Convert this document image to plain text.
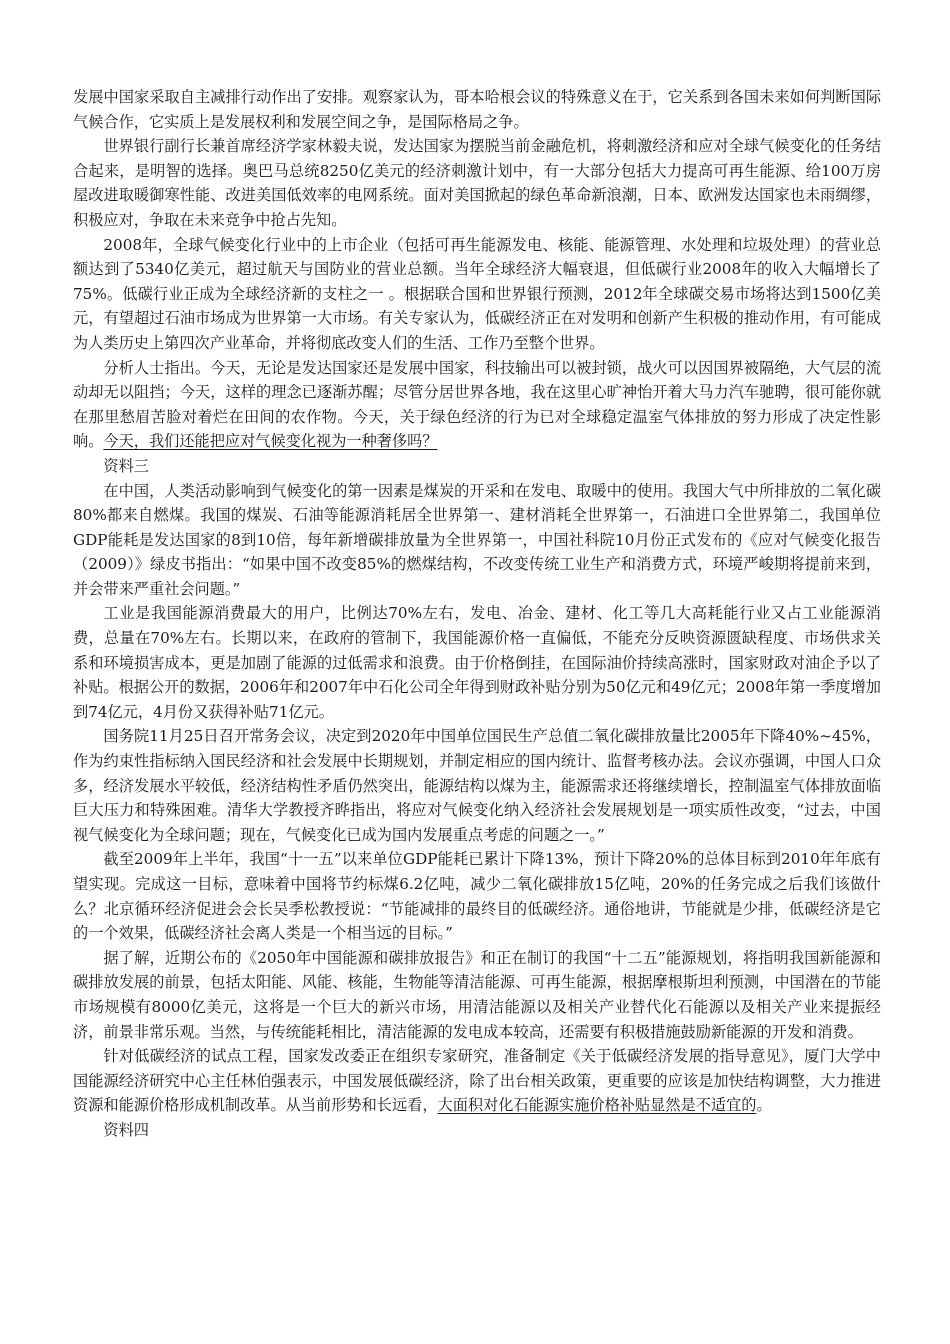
发展中国家采取自主减排行动作出了安排。观察家认为，哥本哈根会议的特殊意义在于，它关系到各国未来如何判断国际气候合作，它实质上是发展权利和发展空间之争，是国际格局之争。

世界银行副行长兼首席经济学家林毅夫说，发达国家为摆脱当前金融危机，将刺激经济和应对全球气候变化的任务结合起来，是明智的选择。奥巴马总统8250亿美元的经济刺激计划中，有一大部分包括大力提高可再生能源、给100万房屋改进取暖御寒性能、改进美国低效率的电网系统。面对美国掀起的绿色革命新浪潮，日本、欧洲发达国家也未雨绸缪，积极应对，争取在未来竞争中抢占先知。

2008年，全球气候变化行业中的上市企业（包括可再生能源发电、核能、能源管理、水处理和垃圾处理）的营业总额达到了5340亿美元，超过航天与国防业的营业总额。当年全球经济大幅衰退，但低碳行业2008年的收入大幅增长了75%。低碳行业正成为全球经济新的支柱之一 。根据联合国和世界银行预测，2012年全球碳交易市场将达到1500亿美元，有望超过石油市场成为世界第一大市场。有关专家认为，低碳经济正在对发明和创新产生积极的推动作用，有可能成为人类历史上第四次产业革命，并将彻底改变人们的生活、工作乃至整个世界。

分析人士指出。今天，无论是发达国家还是发展中国家，科技输出可以被封锁，战火可以因国界被隔绝，大气层的流动却无以阻挡；今天，这样的理念已逐渐苏醒；尽管分居世界各地，我在这里心旷神怡开着大马力汽车驰聘，很可能你就在那里愁眉苦脸对着烂在田间的农作物。今天，关于绿色经济的行为已对全球稳定温室气体排放的努力形成了决定性影响。今天，我们还能把应对气候变化视为一种奢侈吗？

资料三

在中国，人类活动影响到气候变化的第一因素是煤炭的开采和在发电、取暖中的使用。我国大气中所排放的二氧化碳80%都来自燃煤。我国的煤炭、石油等能源消耗居全世界第一、建材消耗全世界第一，石油进口全世界第二，我国单位GDP能耗是发达国家的8到10倍，每年新增碳排放量为全世界第一，中国社科院10月份正式发布的《应对气候变化报告（2009）》绿皮书指出：“如果中国不改变85%的燃煤结构，不改变传统工业生产和消费方式，环境严峻期将提前来到，并会带来严重社会问题。”

工业是我国能源消费最大的用户，比例达70%左右，发电、冶金、建材、化工等几大高耗能行业又占工业能源消费，总量在70%左右。长期以来，在政府的管制下，我国能源价格一直偏低，不能充分反映资源匮缺程度、市场供求关系和环境损害成本，更是加剧了能源的过低需求和浪费。由于价格倒挂，在国际油价持续高涨时，国家财政对油企予以了补贴。根据公开的数据，2006年和2007年中石化公司全年得到财政补贴分别为50亿元和49亿元；2008年第一季度增加到74亿元，4月份又获得补贴71亿元。

国务院11月25日召开常务会议，决定到2020年中国单位国民生产总值二氧化碳排放量比2005年下降40%~45%，作为约束性指标纳入国民经济和社会发展中长期规划，并制定相应的国内统计、监督考核办法。会议亦强调，中国人口众多，经济发展水平较低，经济结构性矛盾仍然突出，能源结构以煤为主，能源需求还将继续增长，控制温室气体排放面临巨大压力和特殊困难。清华大学教授齐晔指出，将应对气候变化纳入经济社会发展规划是一项实质性改变，“过去，中国视气候变化为全球问题；现在，气候变化已成为国内发展重点考虑的问题之一。”

截至2009年上半年，我国“十一五”以来单位GDP能耗已累计下降13%，预计下降20%的总体目标到2010年年底有望实现。完成这一目标，意味着中国将节约标煤6.2亿吨，减少二氧化碳排放15亿吨，20%的任务完成之后我们该做什么？北京循环经济促进会会长吴季松教授说：“节能减排的最终目的低碳经济。通俗地讲，节能就是少排，低碳经济是它的一个效果，低碳经济社会离人类是一个相当远的目标。”

据了解，近期公布的《2050年中国能源和碳排放报告》和正在制订的我国“十二五”能源规划，将指明我国新能源和碳排放发展的前景，包括太阳能、风能、核能，生物能等清洁能源、可再生能源，根据摩根斯坦利预测，中国潜在的节能市场规模有8000亿美元，这将是一个巨大的新兴市场，用清洁能源以及相关产业替代化石能源以及相关产业来提振经济，前景非常乐观。当然，与传统能耗相比，清洁能源的发电成本较高，还需要有积极措施鼓励新能源的开发和消费。

针对低碳经济的试点工程，国家发改委正在组织专家研究，准备制定《关于低碳经济发展的指导意见》，厦门大学中国能源经济研究中心主任林伯强表示，中国发展低碳经济，除了出台相关政策，更重要的应该是加快结构调整，大力推进资源和能源价格形成机制改革。从当前形势和长远看，大面积对化石能源实施价格补贴显然是不适宜的。

资料四
